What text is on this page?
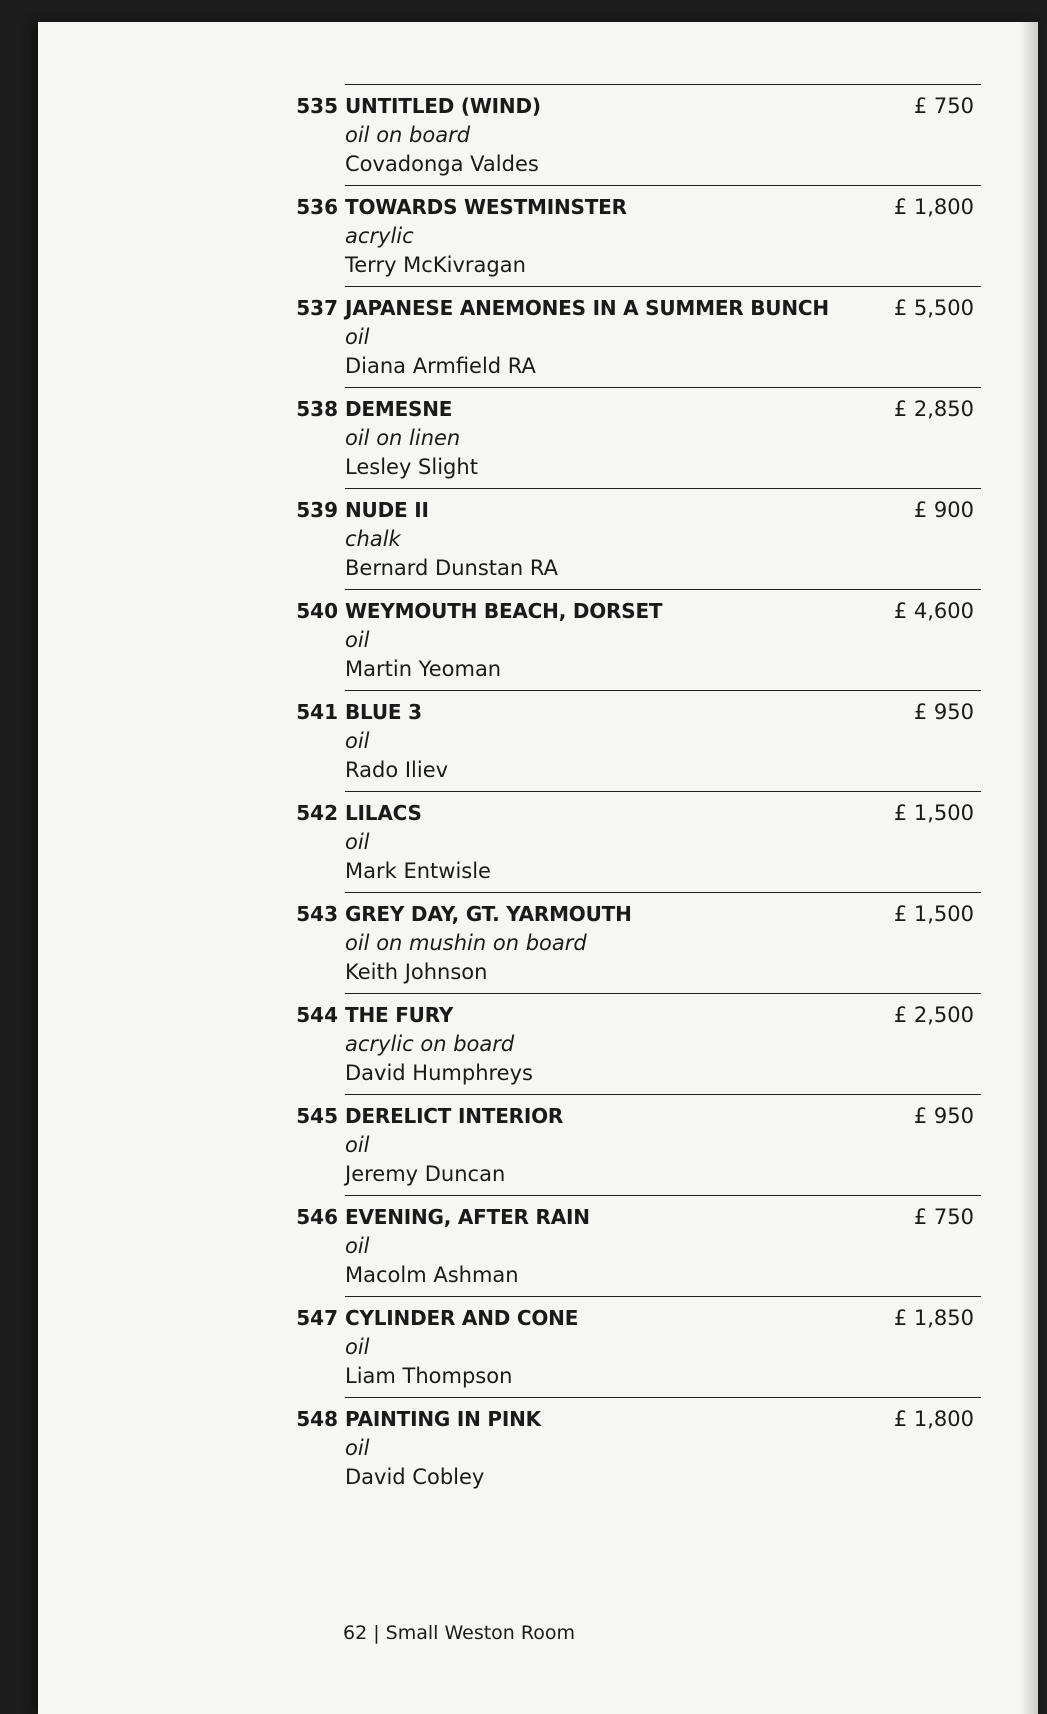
535 UNTITLED (WIND)
oil on board
Covadonga Valdes
£ 750
536 TOWARDS WESTMINSTER
acrylic
Terry McKivragan
£ 1,800
537 JAPANESE ANEMONES IN A SUMMER BUNCH
oil
Diana Armfield RA
£ 5,500
538 DEMESNE
oil on linen
Lesley Slight
£ 2,850
539 NUDE II
chalk
Bernard Dunstan RA
£ 900
540 WEYMOUTH BEACH, DORSET
oil
Martin Yeoman
£ 4,600
541 BLUE 3
oil
Rado Iliev
£ 950
542 LILACS
oil
Mark Entwisle
£ 1,500
543 GREY DAY, GT. YARMOUTH
oil on mushin on board
Keith Johnson
£ 1,500
544 THE FURY
acrylic on board
David Humphreys
£ 2,500
545 DERELICT INTERIOR
oil
Jeremy Duncan
£ 950
546 EVENING, AFTER RAIN
oil
Macolm Ashman
£ 750
547 CYLINDER AND CONE
oil
Liam Thompson
£ 1,850
548 PAINTING IN PINK
oil
David Cobley
£ 1,800
62 | Small Weston Room
